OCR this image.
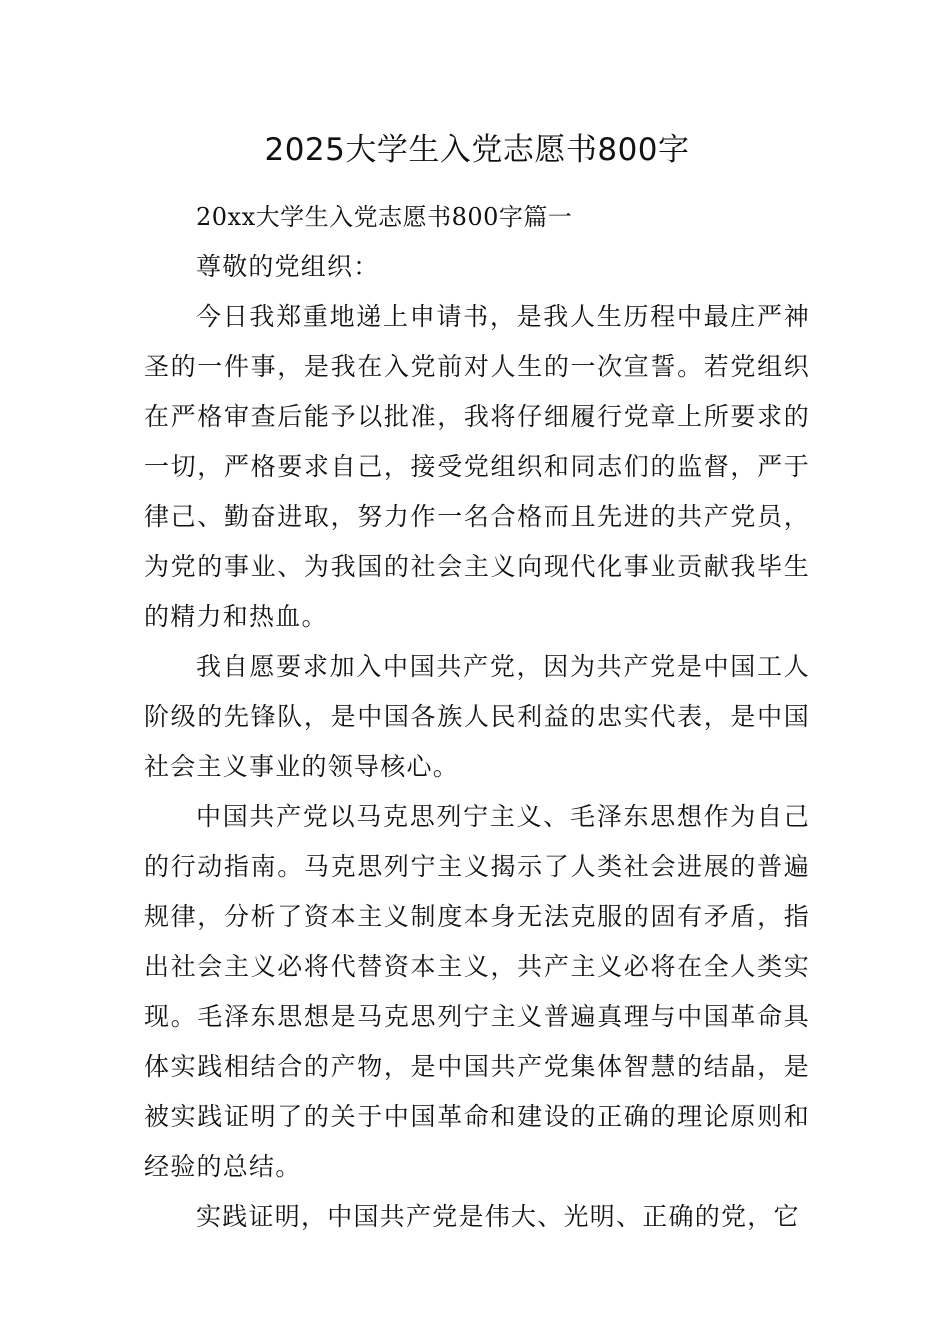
2025大学生入党志愿书800字

20xx大学生入党志愿书800字篇一

尊敬的党组织：

今日我郑重地递上申请书，是我人生历程中最庄严神圣的一件事，是我在入党前对人生的一次宣誓。若党组织在严格审查后能予以批准，我将仔细履行党章上所要求的一切，严格要求自己，接受党组织和同志们的监督，严于律己、勤奋进取，努力作一名合格而且先进的共产党员，为党的事业、为我国的社会主义向现代化事业贡献我毕生的精力和热血。

我自愿要求加入中国共产党，因为共产党是中国工人阶级的先锋队，是中国各族人民利益的忠实代表，是中国社会主义事业的领导核心。

中国共产党以马克思列宁主义、毛泽东思想作为自己的行动指南。马克思列宁主义揭示了人类社会进展的普遍规律，分析了资本主义制度本身无法克服的固有矛盾，指出社会主义必将代替资本主义，共产主义必将在全人类实现。毛泽东思想是马克思列宁主义普遍真理与中国革命具体实践相结合的产物，是中国共产党集体智慧的结晶，是被实践证明了的关于中国革命和建设的正确的理论原则和经验的总结。

实践证明，中国共产党是伟大、光明、正确的党，它
